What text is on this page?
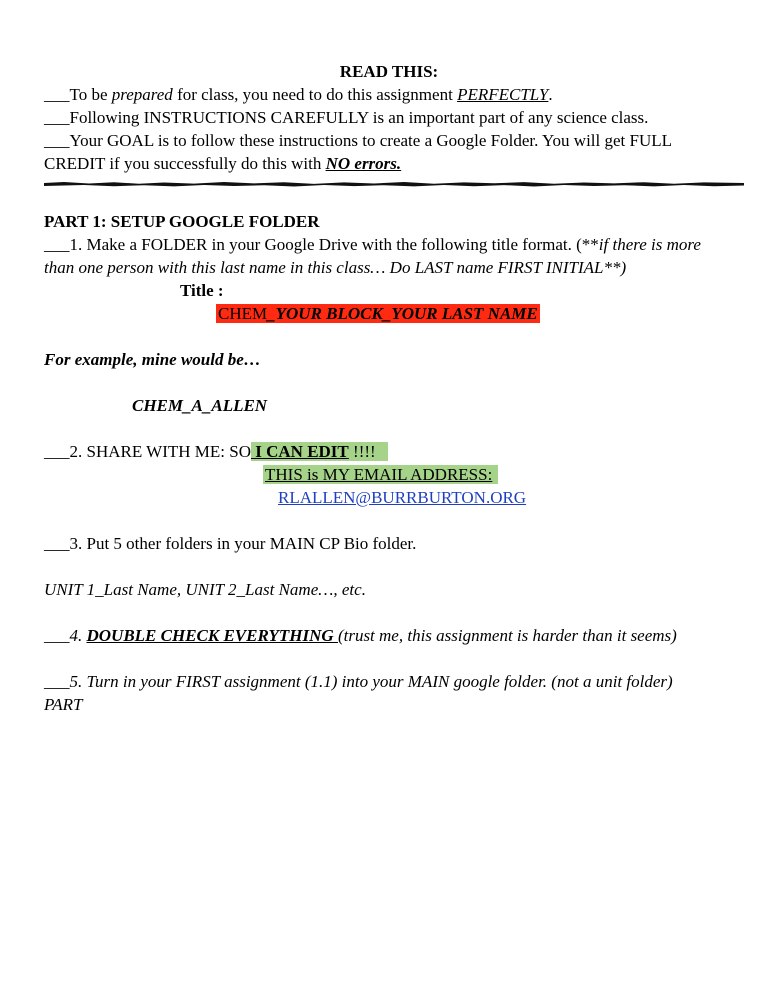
READ THIS:
___To be prepared for class, you need to do this assignment PERFECTLY.
___Following INSTRUCTIONS CAREFULLY is an important part of any science class.
___Your GOAL is to follow these instructions to create a Google Folder. You will get FULL
CREDIT if you successfully do this with NO errors.
PART 1: SETUP GOOGLE FOLDER
___1. Make a FOLDER in your Google Drive with the following title format. (**if there is more
than one person with this last name in this class… Do LAST name FIRST INITIAL**)
Title :
CHEM_YOUR BLOCK_YOUR LAST NAME
For example, mine would be…
CHEM_A_ALLEN
___2. SHARE WITH ME: SO I CAN EDIT !!!!
THIS is MY EMAIL ADDRESS:
RLALLEN@BURRBURTON.ORG
___3. Put 5 other folders in your MAIN CP Bio folder.
UNIT 1_Last Name, UNIT 2_Last Name…, etc.
___4. DOUBLE CHECK EVERYTHING (trust me, this assignment is harder than it seems)
___5. Turn in your FIRST assignment (1.1) into your MAIN google folder. (not a unit folder)
PART
